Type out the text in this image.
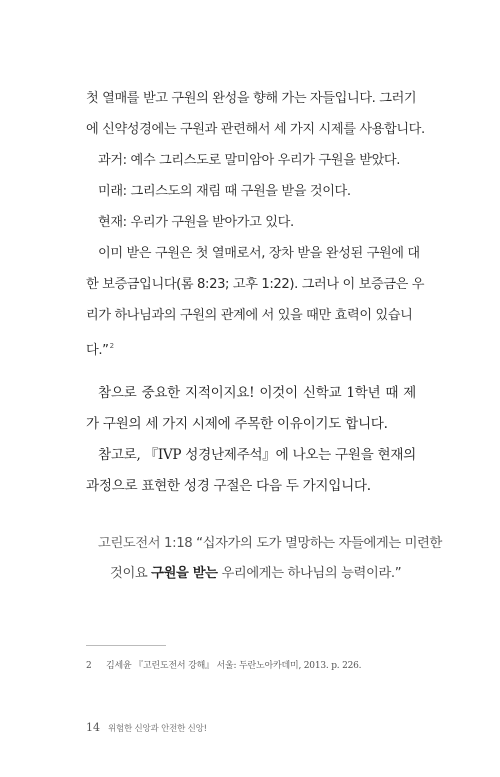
첫 열매를 받고 구원의 완성을 향해 가는 자들입니다. 그러기

에 신약성경에는 구원과 관련해서 세 가지 시제를 사용합니다.

과거: 예수 그리스도로 말미암아 우리가 구원을 받았다.

미래: 그리스도의 재림 때 구원을 받을 것이다.

현재: 우리가 구원을 받아가고 있다.

이미 받은 구원은 첫 열매로서, 장차 받을 완성된 구원에 대

한 보증금입니다(롬 8:23; 고후 1:22). 그러나 이 보증금은 우

리가 하나님과의 구원의 관계에 서 있을 때만 효력이 있습니

다.”$^2$

참으로 중요한 지적이지요! 이것이 신학교 1학년 때 제가 구원의 세 가지 시제에 주목한 이유이기도 합니다.

참고로, 『IVP 성경난제주석』에 나오는 구원을 현재의 과정으로 표현한 성경 구절은 다음 두 가지입니다.

고린도전서 1:18 “십자가의 도가 멸망하는 자들에게는 미련한

것이요 구원을 받는 우리에게는 하나님의 능력이라.”

2 김세윤 『고린도전서 강해』 서울: 두란노아카데미, 2013. p. 226.
14 위험한 신앙과 안전한 신앙!
